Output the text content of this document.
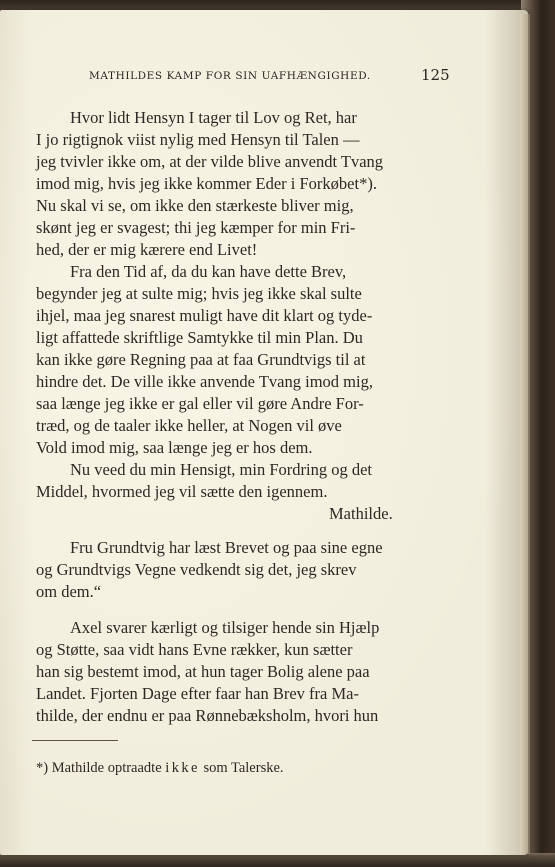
MATHILDES KAMP FOR SIN UAFHÆNGIGHED.	125
Hvor lidt Hensyn I tager til Lov og Ret, har
I jo rigtignok viist nylig med Hensyn til Talen —
jeg tvivler ikke om, at der vilde blive anvendt Tvang
imod mig, hvis jeg ikke kommer Eder i Forkøbet*).
Nu skal vi se, om ikke den stærkeste bliver mig,
skønt jeg er svagest; thi jeg kæmper for min Fri-
hed, der er mig kærere end Livet!
Fra den Tid af, da du kan have dette Brev,
begynder jeg at sulte mig; hvis jeg ikke skal sulte
ihjel, maa jeg snarest muligt have dit klart og tyde-
ligt affattede skriftlige Samtykke til min Plan. Du
kan ikke gøre Regning paa at faa Grundtvigs til at
hindre det. De ville ikke anvende Tvang imod mig,
saa længe jeg ikke er gal eller vil gøre Andre For-
træd, og de taaler ikke heller, at Nogen vil øve
Vold imod mig, saa længe jeg er hos dem.
Nu veed du min Hensigt, min Fordring og det
Middel, hvormed jeg vil sætte den igennem.
Mathilde.
Fru Grundtvig har læst Brevet og paa sine egne
og Grundtvigs Vegne vedkendt sig det, jeg skrev
om dem.“
Axel svarer kærligt og tilsiger hende sin Hjælp
og Støtte, saa vidt hans Evne rækker, kun sætter
han sig bestemt imod, at hun tager Bolig alene paa
Landet. Fjorten Dage efter faar han Brev fra Ma-
thilde, der endnu er paa Rønnebæksholm, hvori hun
*) Mathilde optraadte ikke som Talerske.
